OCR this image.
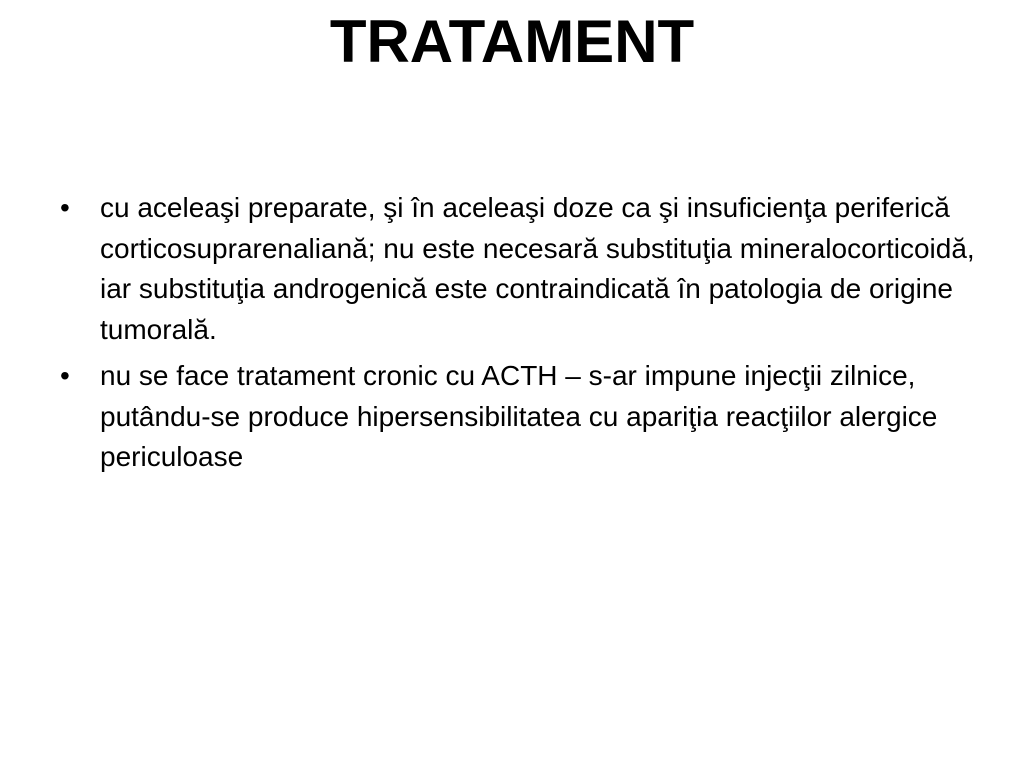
TRATAMENT
• cu aceleaşi preparate, şi în aceleaşi doze ca şi insuficienţa periferică corticosuprarenaliană; nu este necesară substituţia mineralocorticoidă, iar substituţia androgenică este contraindicată în patologia de origine tumorală.
• nu se face tratament cronic cu ACTH – s-ar impune injecţii zilnice, putându-se produce hipersensibilitatea cu apariţia reacţiilor alergice periculoase
